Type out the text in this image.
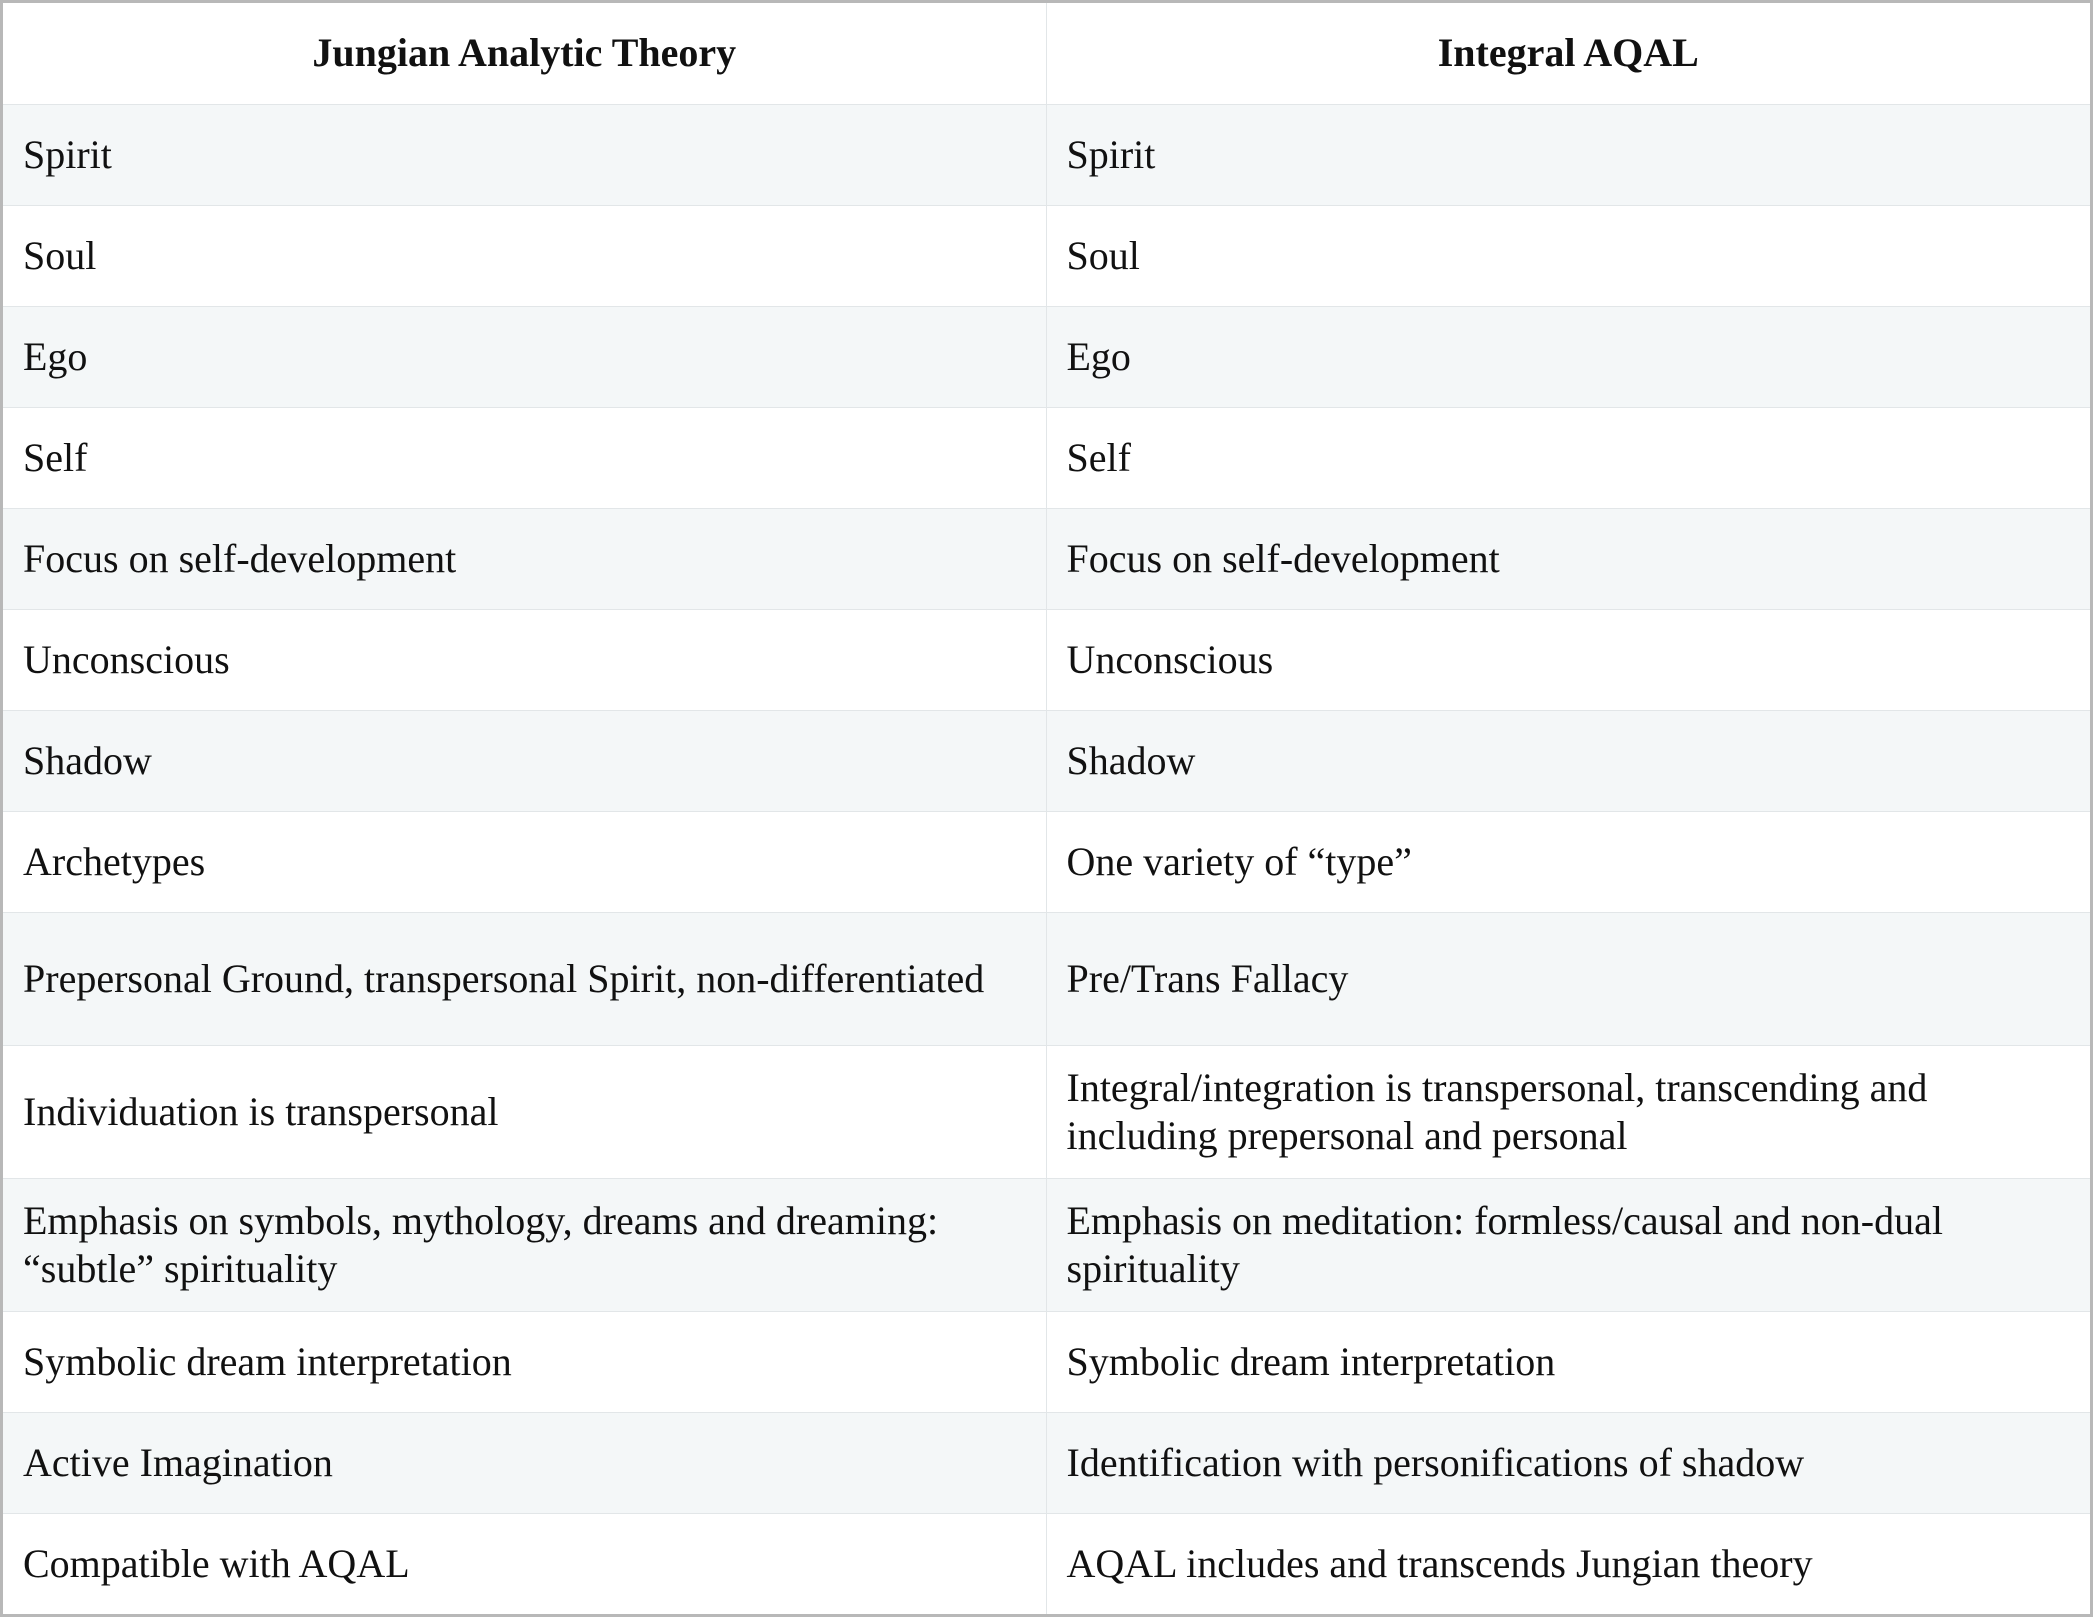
Jungian Analytic Theory	Integral AQAL
Spirit	Spirit
Soul	Soul
Ego	Ego
Self	Self
Focus on self-development	Focus on self-development
Unconscious	Unconscious
Shadow	Shadow
Archetypes	One variety of “type”
Prepersonal Ground, transpersonal Spirit, non-differentiated	Pre/Trans Fallacy
Individuation is transpersonal	Integral/integration is transpersonal, transcending and including prepersonal and personal
Emphasis on symbols, mythology, dreams and dreaming: “subtle” spirituality	Emphasis on meditation: formless/causal and non-dual spirituality
Symbolic dream interpretation	Symbolic dream interpretation
Active Imagination	Identification with personifications of shadow
Compatible with AQAL	AQAL includes and transcends Jungian theory
